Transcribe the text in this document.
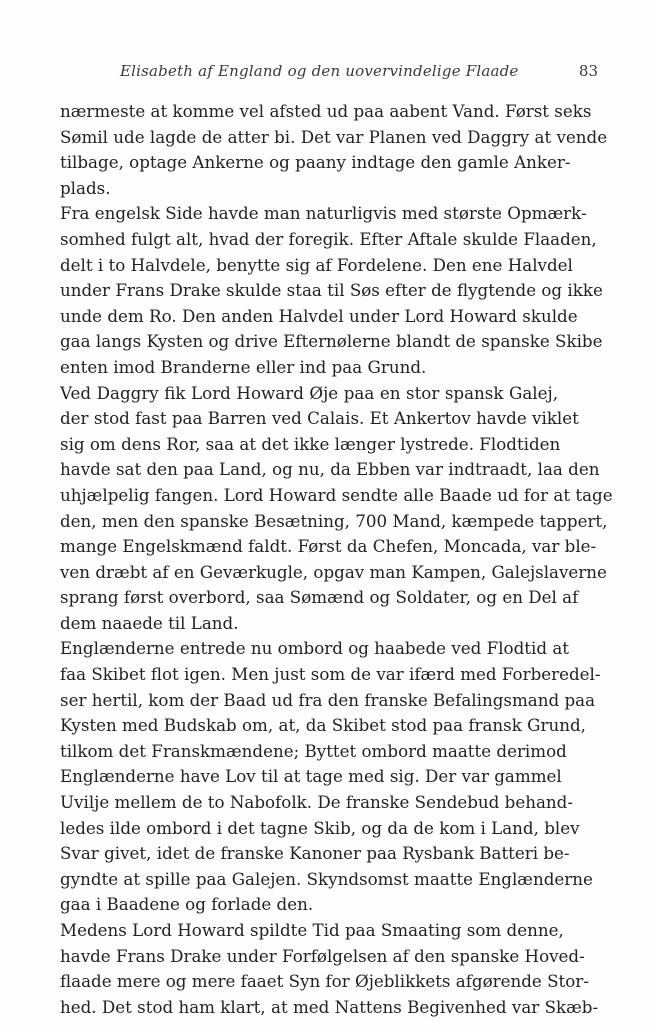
Elisabeth af England og den uovervindelige Flaade	83
nærmeste at komme vel afsted ud paa aabent Vand. Først seks
Sømil ude lagde de atter bi. Det var Planen ved Daggry at vende
tilbage, optage Ankerne og paany indtage den gamle Anker-
plads.
Fra engelsk Side havde man naturligvis med største Opmærk-
somhed fulgt alt, hvad der foregik. Efter Aftale skulde Flaaden,
delt i to Halvdele, benytte sig af Fordelene. Den ene Halvdel
under Frans Drake skulde staa til Søs efter de flygtende og ikke
unde dem Ro. Den anden Halvdel under Lord Howard skulde
gaa langs Kysten og drive Efternølerne blandt de spanske Skibe
enten imod Branderne eller ind paa Grund.
Ved Daggry fik Lord Howard Øje paa en stor spansk Galej,
der stod fast paa Barren ved Calais. Et Ankertov havde viklet
sig om dens Ror, saa at det ikke længer lystrede. Flodtiden
havde sat den paa Land, og nu, da Ebben var indtraadt, laa den
uhjælpelig fangen. Lord Howard sendte alle Baade ud for at tage
den, men den spanske Besætning, 700 Mand, kæmpede tappert,
mange Engelskmænd faldt. Først da Chefen, Moncada, var ble-
ven dræbt af en Geværkugle, opgav man Kampen, Galejslaverne
sprang først overbord, saa Sømænd og Soldater, og en Del af
dem naaede til Land.
Englænderne entrede nu ombord og haabede ved Flodtid at
faa Skibet flot igen. Men just som de var ifærd med Forberedel-
ser hertil, kom der Baad ud fra den franske Befalingsmand paa
Kysten med Budskab om, at, da Skibet stod paa fransk Grund,
tilkom det Franskmændene; Byttet ombord maatte derimod
Englænderne have Lov til at tage med sig. Der var gammel
Uvilje mellem de to Nabofolk. De franske Sendebud behand-
ledes ilde ombord i det tagne Skib, og da de kom i Land, blev
Svar givet, idet de franske Kanoner paa Rysbank Batteri be-
gyndte at spille paa Galejen. Skyndsomst maatte Englænderne
gaa i Baadene og forlade den.
Medens Lord Howard spildte Tid paa Smaating som denne,
havde Frans Drake under Forfølgelsen af den spanske Hoved-
flaade mere og mere faaet Syn for Øjeblikkets afgørende Stor-
hed. Det stod ham klart, at med Nattens Begivenhed var Skæb-
